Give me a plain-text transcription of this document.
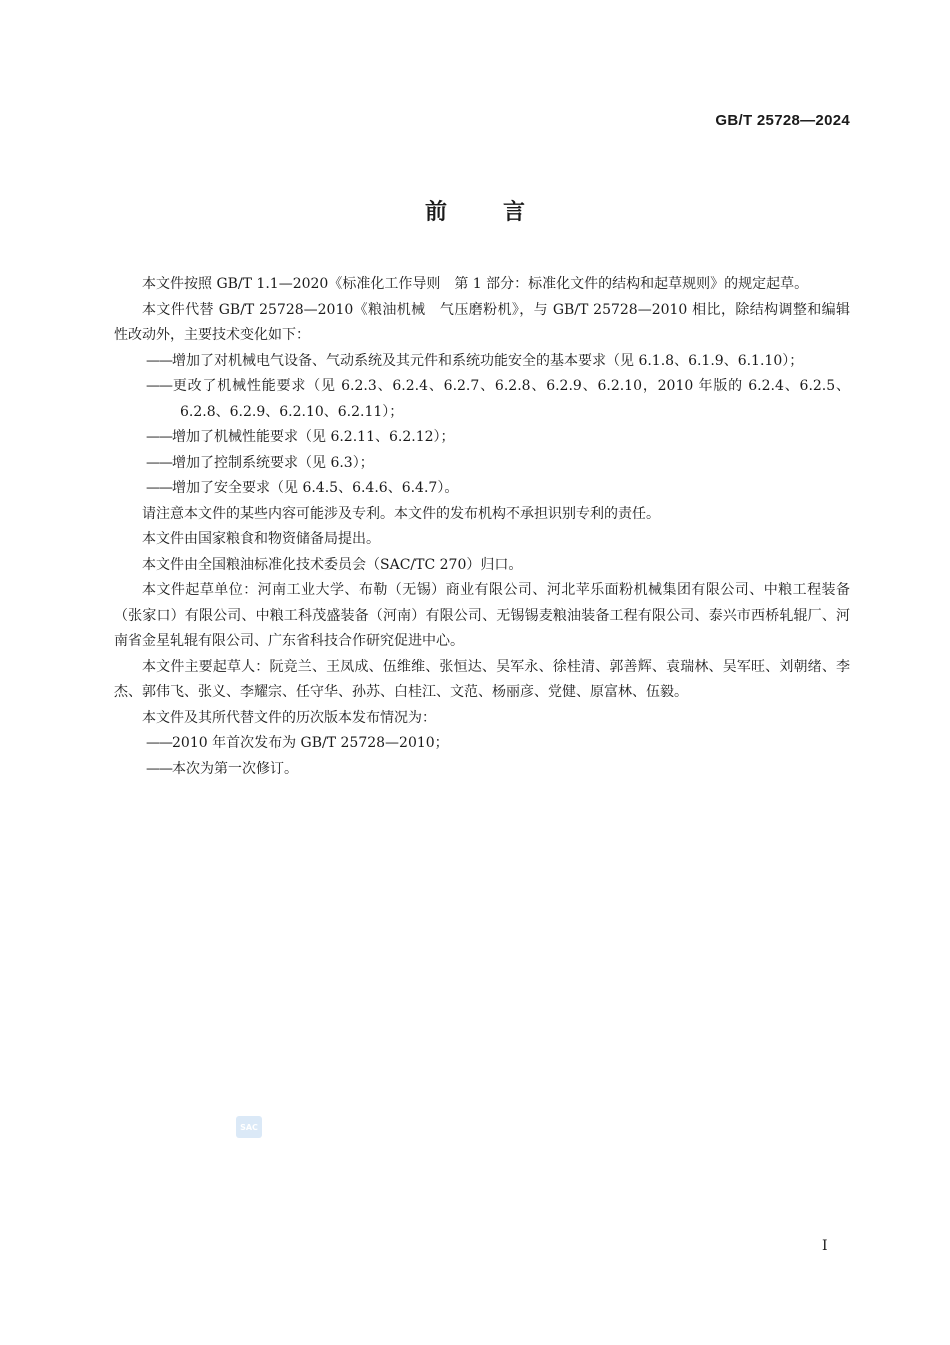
GB/T 25728—2024
前言

本文件按照 GB/T 1.1—2020《标准化工作导则　第 1 部分：标准化文件的结构和起草规则》的规定起草。

本文件代替 GB/T 25728—2010《粮油机械　气压磨粉机》，与 GB/T 25728—2010 相比，除结构调整和编辑性改动外，主要技术变化如下：

——增加了对机械电气设备、气动系统及其元件和系统功能安全的基本要求（见 6.1.8、6.1.9、6.1.10）；

——更改了机械性能要求（见 6.2.3、6.2.4、6.2.7、6.2.8、6.2.9、6.2.10，2010 年版的 6.2.4、6.2.5、6.2.8、6.2.9、6.2.10、6.2.11）；

——增加了机械性能要求（见 6.2.11、6.2.12）；

——增加了控制系统要求（见 6.3）；

——增加了安全要求（见 6.4.5、6.4.6、6.4.7）。

请注意本文件的某些内容可能涉及专利。本文件的发布机构不承担识别专利的责任。

本文件由国家粮食和物资储备局提出。

本文件由全国粮油标准化技术委员会（SAC/TC 270）归口。

本文件起草单位：河南工业大学、布勒（无锡）商业有限公司、河北苹乐面粉机械集团有限公司、中粮工程装备（张家口）有限公司、中粮工科茂盛装备（河南）有限公司、无锡锡麦粮油装备工程有限公司、泰兴市西桥轧辊厂、河南省金星轧辊有限公司、广东省科技合作研究促进中心。

本文件主要起草人：阮竞兰、王凤成、伍维维、张恒达、吴军永、徐桂清、郭善辉、袁瑞林、吴军旺、刘朝绪、李杰、郭伟飞、张义、李耀宗、任守华、孙苏、白桂江、文范、杨丽彦、党健、原富林、伍毅。

本文件及其所代替文件的历次版本发布情况为：

——2010 年首次发布为 GB/T 25728—2010；

——本次为第一次修订。

SAC
Ⅰ
